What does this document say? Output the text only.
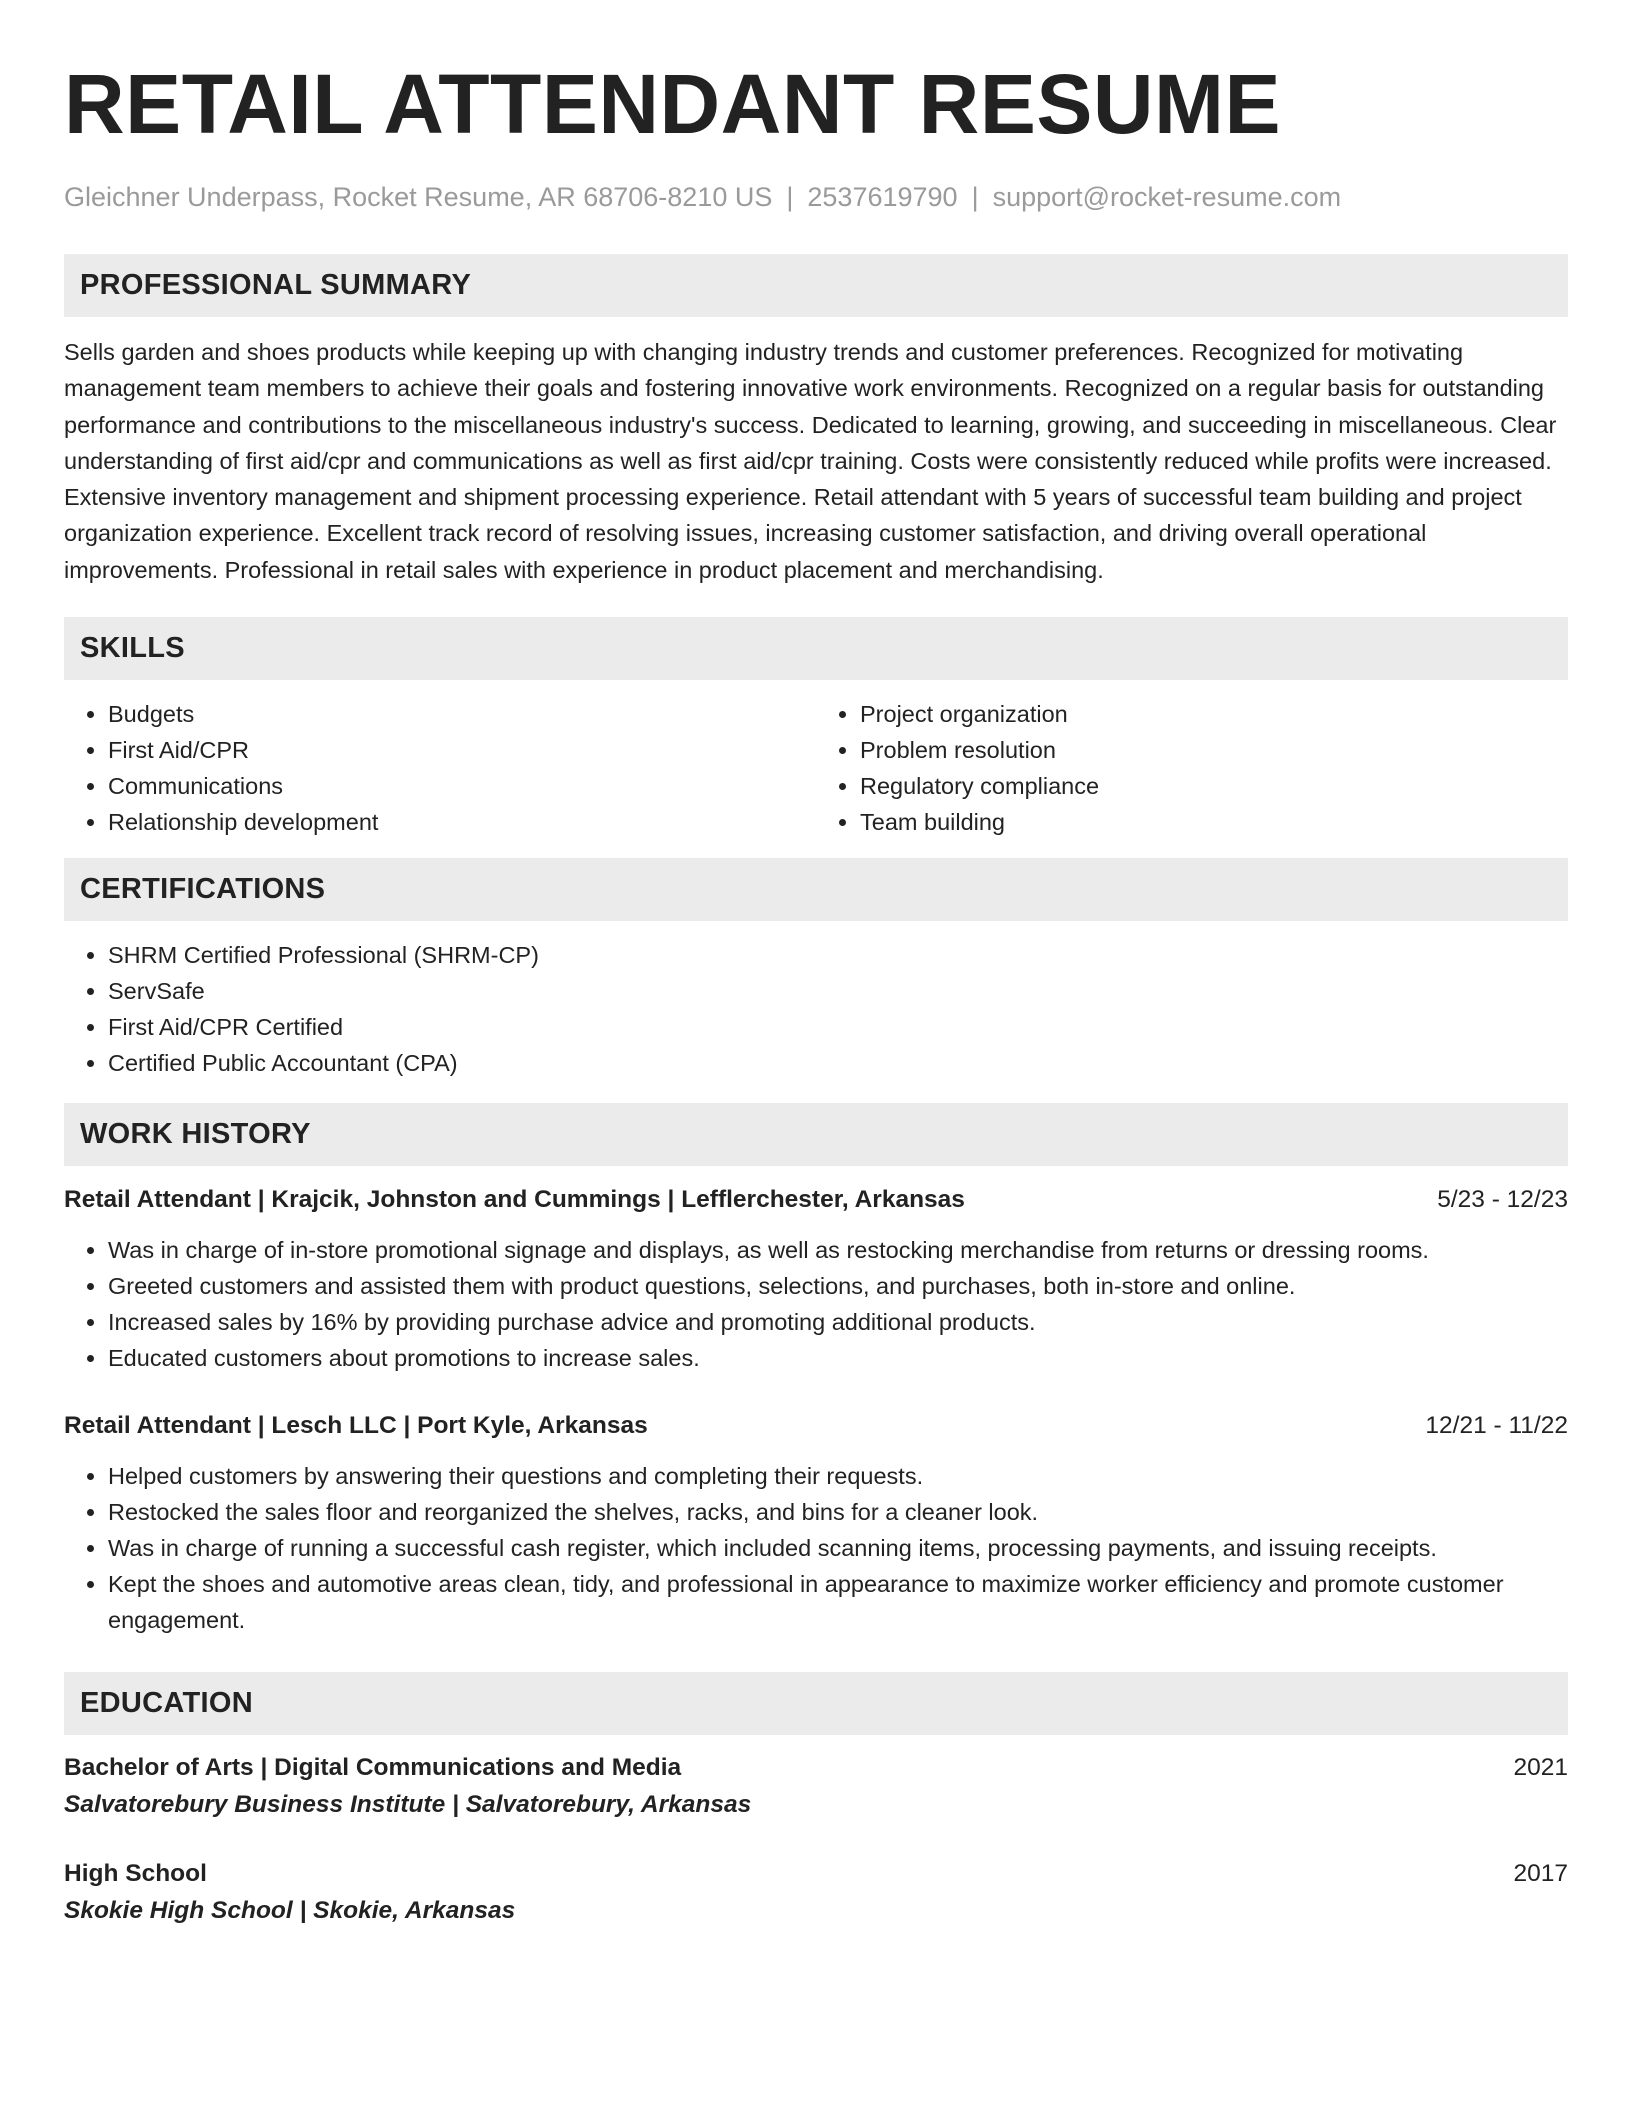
RETAIL ATTENDANT RESUME
Gleichner Underpass, Rocket Resume, AR 68706-8210 US | 2537619790 | support@rocket-resume.com
PROFESSIONAL SUMMARY

Sells garden and shoes products while keeping up with changing industry trends and customer preferences. Recognized for motivating management team members to achieve their goals and fostering innovative work environments. Recognized on a regular basis for outstanding performance and contributions to the miscellaneous industry's success. Dedicated to learning, growing, and succeeding in miscellaneous. Clear understanding of first aid/cpr and communications as well as first aid/cpr training. Costs were consistently reduced while profits were increased. Extensive inventory management and shipment processing experience. Retail attendant with 5 years of successful team building and project organization experience. Excellent track record of resolving issues, increasing customer satisfaction, and driving overall operational improvements. Professional in retail sales with experience in product placement and merchandising.

SKILLS
• Budgets
• First Aid/CPR
• Communications
• Relationship development
• Project organization
• Problem resolution
• Regulatory compliance
• Team building
CERTIFICATIONS
• SHRM Certified Professional (SHRM-CP)
• ServSafe
• First Aid/CPR Certified
• Certified Public Accountant (CPA)
WORK HISTORY
Retail Attendant | Krajcik, Johnston and Cummings | Lefflerchester, Arkansas	5/23 - 12/23
• Was in charge of in-store promotional signage and displays, as well as restocking merchandise from returns or dressing rooms.
• Greeted customers and assisted them with product questions, selections, and purchases, both in-store and online.
• Increased sales by 16% by providing purchase advice and promoting additional products.
• Educated customers about promotions to increase sales.
Retail Attendant | Lesch LLC | Port Kyle, Arkansas	12/21 - 11/22
• Helped customers by answering their questions and completing their requests.
• Restocked the sales floor and reorganized the shelves, racks, and bins for a cleaner look.
• Was in charge of running a successful cash register, which included scanning items, processing payments, and issuing receipts.
• Kept the shoes and automotive areas clean, tidy, and professional in appearance to maximize worker efficiency and promote customer engagement.
EDUCATION
Bachelor of Arts | Digital Communications and Media	2021
Salvatorebury Business Institute | Salvatorebury, Arkansas
High School	2017
Skokie High School | Skokie, Arkansas
